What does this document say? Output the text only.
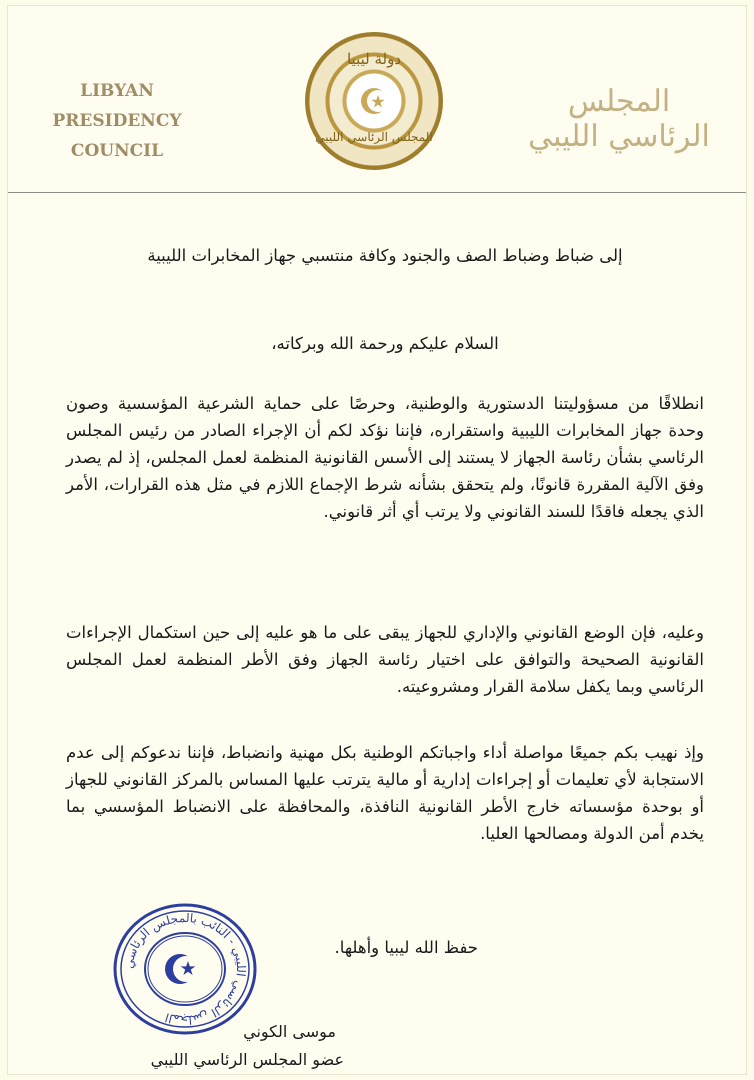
LIBYAN PRESIDENCY
COUNCIL
دولة ليبيا
المجلس الرئاسي الليبي
المجلس الرئاسي الليبي
إلى ضباط وضباط الصف والجنود وكافة منتسبي جهاز المخابرات الليبية
السلام عليكم ورحمة الله وبركاته،
انطلاقًا من مسؤوليتنا الدستورية والوطنية، وحرصًا على حماية الشرعية المؤسسية وصون وحدة جهاز المخابرات الليبية واستقراره، فإننا نؤكد لكم أن الإجراء الصادر من رئيس المجلس الرئاسي بشأن رئاسة الجهاز لا يستند إلى الأسس القانونية المنظمة لعمل المجلس، إذ لم يصدر وفق الآلية المقررة قانونًا، ولم يتحقق بشأنه شرط الإجماع اللازم في مثل هذه القرارات، الأمر الذي يجعله فاقدًا للسند القانوني ولا يرتب أي أثر قانوني.
وعليه، فإن الوضع القانوني والإداري للجهاز يبقى على ما هو عليه إلى حين استكمال الإجراءات القانونية الصحيحة والتوافق على اختيار رئاسة الجهاز وفق الأطر المنظمة لعمل المجلس الرئاسي وبما يكفل سلامة القرار ومشروعيته.
وإذ نهيب بكم جميعًا مواصلة أداء واجباتكم الوطنية بكل مهنية وانضباط، فإننا ندعوكم إلى عدم الاستجابة لأي تعليمات أو إجراءات إدارية أو مالية يترتب عليها المساس بالمركز القانوني للجهاز أو بوحدة مؤسساته خارج الأطر القانونية النافذة، والمحافظة على الانضباط المؤسسي بما يخدم أمن الدولة ومصالحها العليا.
حفظ الله ليبيا وأهلها.
المجلس الرئاسي الليبي - النائب بالمجلس الرئاسي
موسى الكوني
عضو المجلس الرئاسي الليبي
